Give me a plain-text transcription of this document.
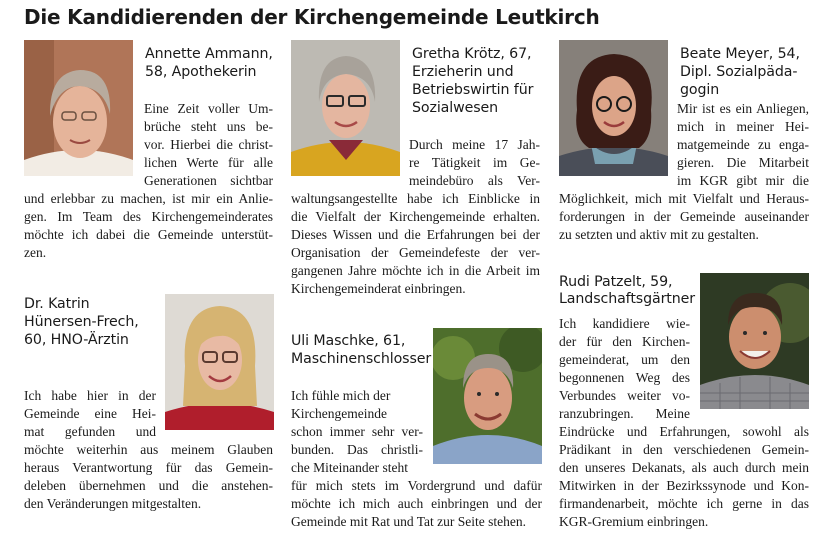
Die Kandidierenden der Kirchengemeinde Leutkirch
Annette Ammann,
58, Apothekerin
Eine Zeit voller Um-
brüche steht uns be-
vor. Hierbei die christ-
lichen Werte für alle
Generationen sichtbar
und erlebbar zu machen, ist mir ein Anlie-
gen. Im Team des Kirchengemeinderates
möchte ich dabei die Gemeinde unterstüt-
zen.
Gretha Krötz, 67,
Erzieherin und
Betriebswirtin für
Sozialwesen
Durch meine 17 Jah-
re Tätigkeit im Ge-
meindebüro als Ver-
waltungsangestellte habe ich Einblicke in
die Vielfalt der Kirchengemeinde erhalten.
Dieses Wissen und die Erfahrungen bei der
Organisation der Gemeindefeste der ver-
gangenen Jahre möchte ich in die Arbeit im
Kirchengemeinderat einbringen.
Beate Meyer, 54,
Dipl. Sozialpäda-
gogin
Mir ist es ein Anliegen,
mich in meiner Hei-
matgemeinde zu enga-
gieren. Die Mitarbeit
im KGR gibt mir die
Möglichkeit, mich mit Vielfalt und Heraus-
forderungen in der Gemeinde auseinander
zu setzten und aktiv mit zu gestalten.
Dr. Katrin
Hünersen-Frech,
60, HNO-Ärztin
Ich habe hier in der
Gemeinde eine Hei-
mat gefunden und
möchte weiterhin aus meinem Glauben
heraus Verantwortung für das Gemein-
deleben übernehmen und die anstehen-
den Veränderungen mitgestalten.
Uli Maschke, 61,
Maschinenschlosser
Ich fühle mich der
Kirchengemeinde
schon immer sehr ver-
bunden. Das christli-
che Miteinander steht
für mich stets im Vordergrund und dafür
möchte ich mich auch einbringen und der
Gemeinde mit Rat und Tat zur Seite stehen.
Rudi Patzelt, 59,
Landschaftsgärtner
Ich kandidiere wie-
der für den Kirchen-
gemeinderat, um den
begonnenen Weg des
Verbundes weiter vo-
ranzubringen. Meine
Eindrücke und Erfahrungen, sowohl als
Prädikant in den verschiedenen Gemein-
den unseres Dekanats, als auch durch mein
Mitwirken in der Bezirkssynode und Kon-
firmandenarbeit, möchte ich gerne in das
KGR-Gremium einbringen.
